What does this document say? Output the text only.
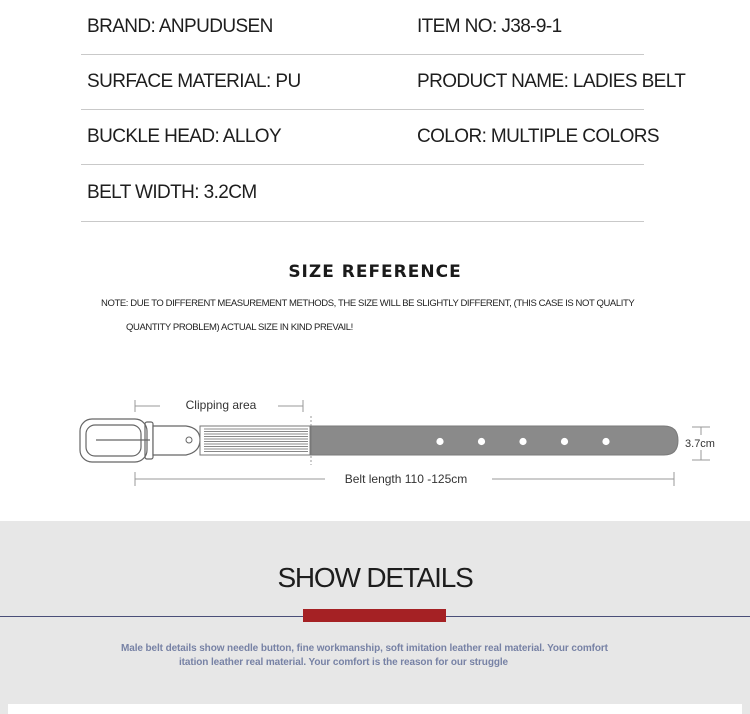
BRAND: ANPUDUSEN	ITEM NO: J38-9-1
SURFACE MATERIAL: PU	PRODUCT NAME: LADIES BELT
BUCKLE HEAD: ALLOY	COLOR: MULTIPLE COLORS
BELT WIDTH: 3.2CM
SIZE REFERENCE
NOTE: DUE TO DIFFERENT MEASUREMENT METHODS, THE SIZE WILL BE SLIGHTLY DIFFERENT, (THIS CASE IS NOT QUALITY
QUANTITY PROBLEM) ACTUAL SIZE IN KIND PREVAIL!
Clipping area
3.7cm
Belt length 110 -125cm
SHOW DETAILS
Male belt details show needle button, fine workmanship, soft imitation leather real material. Your comfort
itation leather real material. Your comfort is the reason for our struggle
